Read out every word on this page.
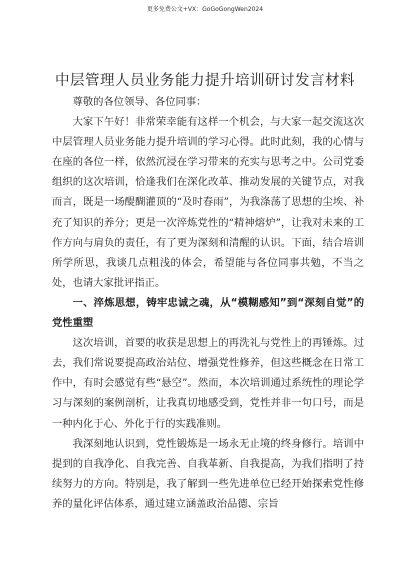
更多免费公文+VX：GoGoGongWen2024
中层管理人员业务能力提升培训研讨发言材料

尊敬的各位领导、各位同事：

大家下午好！非常荣幸能有这样一个机会，与大家一起交流这次中层管理人员业务能力提升培训的学习心得。此时此刻，我的心情与在座的各位一样，依然沉浸在学习带来的充实与思考之中。公司党委组织的这次培训，恰逢我们在深化改革、推动发展的关键节点，对我而言，既是一场醍醐灌顶的“及时春雨”，为我涤荡了思想的尘埃、补充了知识的养分；更是一次淬炼党性的“精神熔炉”，让我对未来的工作方向与肩负的责任，有了更为深刻和清醒的认识。下面，结合培训所学所思，我谈几点粗浅的体会，希望能与各位同事共勉，不当之处，也请大家批评指正。

一、淬炼思想，铸牢忠诚之魂，从“模糊感知”到“深刻自觉”的党性重塑

这次培训，首要的收获是思想上的再洗礼与党性上的再锤炼。过去，我们常说要提高政治站位、增强党性修养，但这些概念在日常工作中，有时会感觉有些“悬空”。然而，本次培训通过系统性的理论学习与深刻的案例剖析，让我真切地感受到，党性并非一句口号，而是一种内化于心、外化于行的实践准则。

我深刻地认识到，党性锻炼是一场永无止境的终身修行。培训中提到的自我净化、自我完善、自我革新、自我提高，为我们指明了持续努力的方向。特别是，我了解到一些先进单位已经开始探索党性修养的量化评估体系，通过建立涵盖政治品德、宗旨
